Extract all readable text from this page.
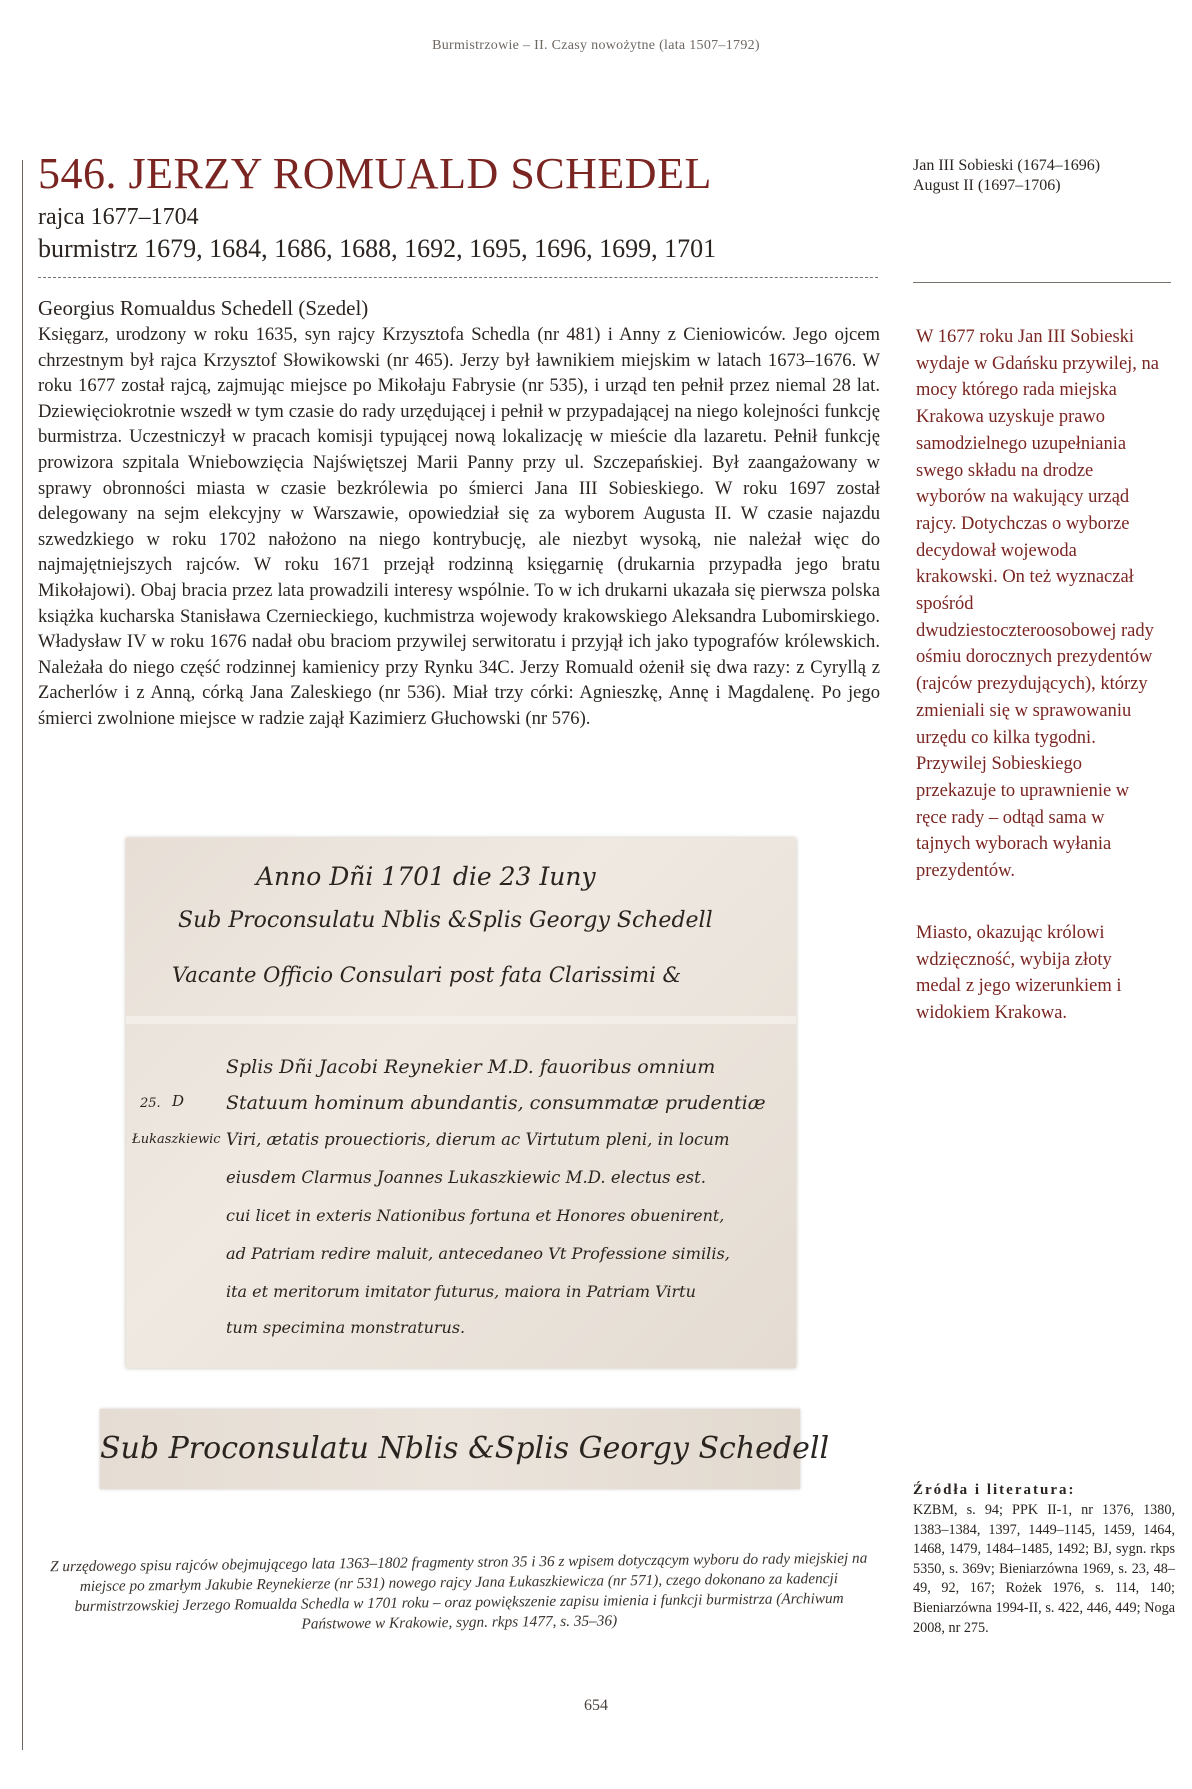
Burmistrzowie – II. Czasy nowożytne (lata 1507–1792)

546. JERZY ROMUALD SCHEDEL

rajca 1677–1704

burmistrz 1679, 1684, 1686, 1688, 1692, 1695, 1696, 1699, 1701

Georgius Romualdus Schedell (Szedel)

Księgarz, urodzony w roku 1635, syn rajcy Krzysztofa Schedla (nr 481) i Anny z Cieniowiców. Jego ojcem chrzestnym był rajca Krzysztof Słowikowski (nr 465). Jerzy był ławnikiem miejskim w latach 1673–1676. W roku 1677 został rajcą, zajmując miejsce po Mikołaju Fabrysie (nr 535), i urząd ten pełnił przez niemal 28 lat. Dziewięciokrotnie wszedł w tym czasie do rady urzędującej i pełnił w przypadającej na niego kolejności funkcję burmistrza. Uczestniczył w pracach komisji typującej nową lokalizację w mieście dla lazaretu. Pełnił funkcję prowizora szpitala Wniebowzięcia Najświętszej Marii Panny przy ul. Szczepańskiej. Był zaangażowany w sprawy obronności miasta w czasie bezkrólewia po śmierci Jana III Sobieskiego. W roku 1697 został delegowany na sejm elekcyjny w Warszawie, opowiedział się za wyborem Augusta II. W czasie najazdu szwedzkiego w roku 1702 nałożono na niego kontrybucję, ale niezbyt wysoką, nie należał więc do najmajętniejszych rajców. W roku 1671 przejął rodzinną księgarnię (drukarnia przypadła jego bratu Mikołajowi). Obaj bracia przez lata prowadzili interesy wspólnie. To w ich drukarni ukazała się pierwsza polska książka kucharska Stanisława Czernieckiego, kuchmistrza wojewody krakowskiego Aleksandra Lubomirskiego. Władysław IV w roku 1676 nadał obu braciom przywilej serwitoratu i przyjął ich jako typografów królewskich. Należała do niego część rodzinnej kamienicy przy Rynku 34C. Jerzy Romuald ożenił się dwa razy: z Cyryllą z Zacherlów i z Anną, córką Jana Zaleskiego (nr 536). Miał trzy córki: Agnieszkę, Annę i Magdalenę. Po jego śmierci zwolnione miejsce w radzie zajął Kazimierz Głuchowski (nr 576).

Jan III Sobieski (1674–1696)

August II (1697–1706)

W 1677 roku Jan III Sobieski wydaje w Gdańsku przywilej, na mocy którego rada miejska Krakowa uzyskuje prawo samodzielnego uzupełniania swego składu na drodze wyborów na wakujący urząd rajcy. Dotychczas o wyborze decydował wojewoda krakowski. On też wyznaczał spośród dwudziestoczteroosobowej rady ośmiu dorocznych prezydentów (rajców prezydujących), którzy zmieniali się w sprawowaniu urzędu co kilka tygodni. Przywilej Sobieskiego przekazuje to uprawnienie w ręce rady – odtąd sama w tajnych wyborach wyłania prezydentów.

Miasto, okazując królowi wdzięczność, wybija złoty medal z jego wizerunkiem i widokiem Krakowa.

Anno Dñi 1701 die 23 Iuny
Sub Proconsulatu Nblis &Splis Georgy Schedell
Vacante Officio Consulari post fata Clarissimi &
Splis Dñi Jacobi Reynekier M.D. fauoribus omnium
25. D Statuum hominum abundantis, consummatæ prudentiæ
Łukaszkiewic Viri, ætatis prouectioris, dierum ac Virtutum pleni, in locum
eiusdem Clarmus Joannes Lukaszkiewic M.D. electus est.
cui licet in exteris Nationibus fortuna et Honores obuenirent,
ad Patriam redire maluit, antecedaneo Vt Professione similis,
ita et meritorum imitator futurus, maiora in Patriam Virtu
tum specimina monstraturus.
Sub Proconsulatu Nblis &Splis Georgy Schedell

Z urzędowego spisu rajców obejmującego lata 1363–1802 fragmenty stron 35 i 36 z wpisem dotyczącym wyboru do rady miejskiej na miejsce po zmarłym Jakubie Reynekierze (nr 531) nowego rajcy Jana Łukaszkiewicza (nr 571), czego dokonano za kadencji burmistrzowskiej Jerzego Romualda Schedla w 1701 roku – oraz powiększenie zapisu imienia i funkcji burmistrza (Archiwum Państwowe w Krakowie, sygn. rkps 1477, s. 35–36)

Źródła i literatura:

KZBM, s. 94; PPK II-1, nr 1376, 1380, 1383–1384, 1397, 1449–1145, 1459, 1464, 1468, 1479, 1484–1485, 1492; BJ, sygn. rkps 5350, s. 369v; Bieniarzówna 1969, s. 23, 48–49, 92, 167; Rożek 1976, s. 114, 140; Bieniarzówna 1994-II, s. 422, 446, 449; Noga 2008, nr 275.

654
